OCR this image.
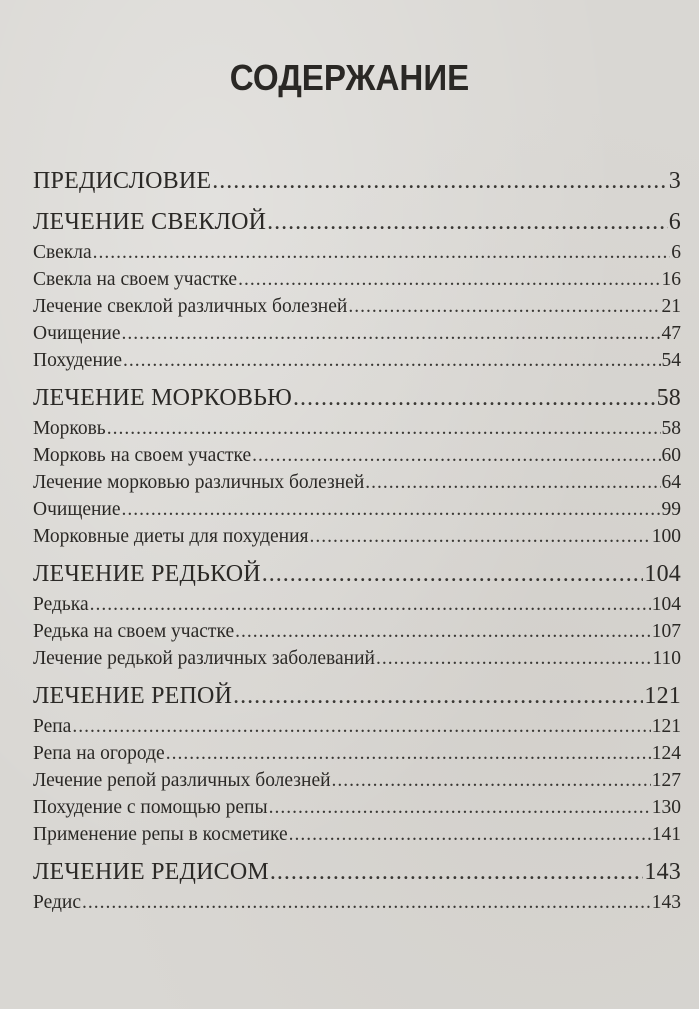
СОДЕРЖАНИЕ
ПРЕДИСЛОВИЕ .....	3
ЛЕЧЕНИЕ СВЕКЛОЙ .....	6
Свекла .....	6
Свекла на своем участке .....	16
Лечение свеклой различных болезней .....	21
Очищение .....	47
Похудение .....	54
ЛЕЧЕНИЕ МОРКОВЬЮ .....	58
Морковь .....	58
Морковь на своем участке .....	60
Лечение морковью различных болезней .....	64
Очищение .....	99
Морковные диеты для похудения .....	100
ЛЕЧЕНИЕ РЕДЬКОЙ .....	104
Редька .....	104
Редька на своем участке .....	107
Лечение редькой различных заболеваний .....	110
ЛЕЧЕНИЕ РЕПОЙ .....	121
Репа .....	121
Репа на огороде .....	124
Лечение репой различных болезней .....	127
Похудение с помощью репы .....	130
Применение репы в косметике .....	141
ЛЕЧЕНИЕ РЕДИСОМ .....	143
Редис .....	143
